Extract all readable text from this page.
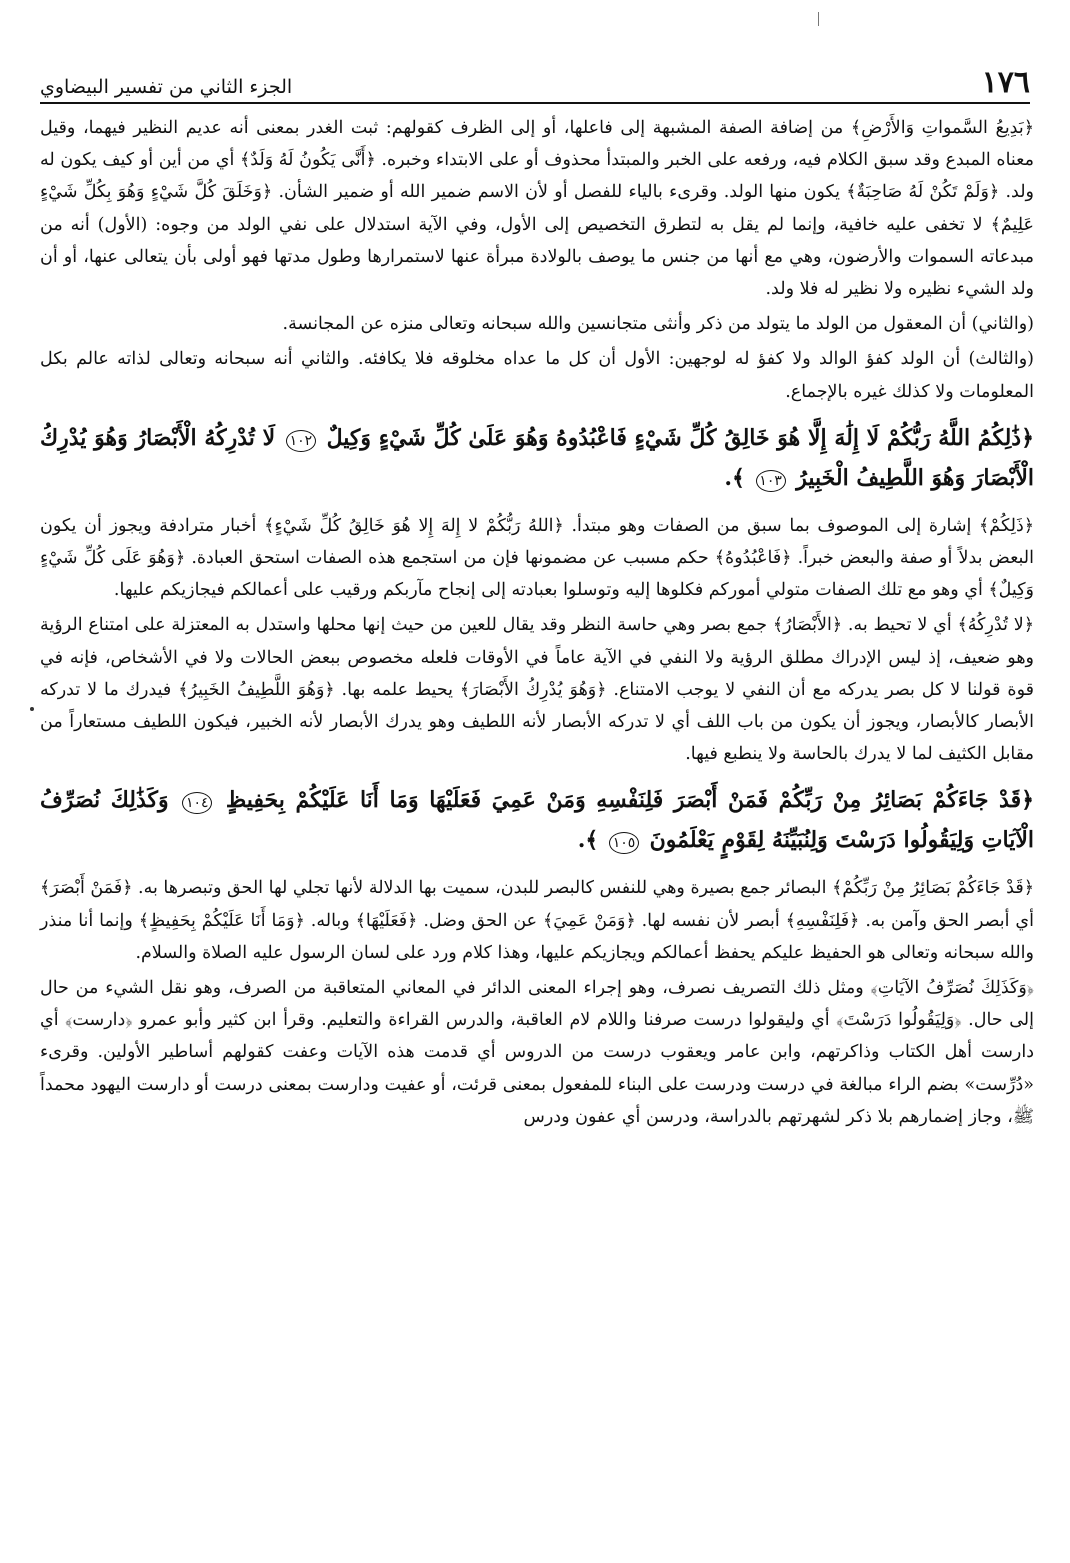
١٧٦
الجزء الثاني من تفسير البيضاوي

﴿بَدِيعُ السَّمواتِ وَالأَرْضِ﴾ من إضافة الصفة المشبهة إلى فاعلها، أو إلى الظرف كقولهم: ثبت الغدر بمعنى أنه عديم النظير فيهما، وقيل معناه المبدع وقد سبق الكلام فيه، ورفعه على الخبر والمبتدأ محذوف أو على الابتداء وخبره. ﴿أَنَّى يَكُونُ لَهُ وَلَدٌ﴾ أي من أين أو كيف يكون له ولد. ﴿وَلَمْ تَكُنْ لَهُ صَاحِبَةٌ﴾ يكون منها الولد. وقرىء بالياء للفصل أو لأن الاسم ضمير الله أو ضمير الشأن. ﴿وَخَلَقَ كُلَّ شَيْءٍ وَهُوَ بِكُلِّ شَيْءٍ عَلِيمٌ﴾ لا تخفى عليه خافية، وإنما لم يقل به لتطرق التخصيص إلى الأول، وفي الآية استدلال على نفي الولد من وجوه: (الأول) أنه من مبدعاته السموات والأرضون، وهي مع أنها من جنس ما يوصف بالولادة مبرأة عنها لاستمرارها وطول مدتها فهو أولى بأن يتعالى عنها، أو أن ولد الشيء نظيره ولا نظير له فلا ولد.

(والثاني) أن المعقول من الولد ما يتولد من ذكر وأنثى متجانسين والله سبحانه وتعالى منزه عن المجانسة.

(والثالث) أن الولد كفؤ الوالد ولا كفؤ له لوجهين: الأول أن كل ما عداه مخلوقه فلا يكافئه. والثاني أنه سبحانه وتعالى لذاته عالم بكل المعلومات ولا كذلك غيره بالإجماع.

﴿ذَٰلِكُمُ اللَّهُ رَبُّكُمْ لَا إِلَٰهَ إِلَّا هُوَ خَالِقُ كُلِّ شَيْءٍ فَاعْبُدُوهُ وَهُوَ عَلَىٰ كُلِّ شَيْءٍ وَكِيلٌ ١٠٢ لَا تُدْرِكُهُ الْأَبْصَارُ وَهُوَ يُدْرِكُ الْأَبْصَارَ وَهُوَ اللَّطِيفُ الْخَبِيرُ ١٠٣ ﴾.

﴿ذَلِكُمْ﴾ إشارة إلى الموصوف بما سبق من الصفات وهو مبتدأ. ﴿اللهُ رَبُّكُمْ لا إِلهَ إِلا هُوَ خَالِقُ كُلِّ شَيْءٍ﴾ أخبار مترادفة ويجوز أن يكون البعض بدلاً أو صفة والبعض خبراً. ﴿فَاعْبُدُوهُ﴾ حكم مسبب عن مضمونها فإن من استجمع هذه الصفات استحق العبادة. ﴿وَهُوَ عَلَى كُلِّ شَيْءٍ وَكِيلٌ﴾ أي وهو مع تلك الصفات متولي أموركم فكلوها إليه وتوسلوا بعبادته إلى إنجاح مآربكم ورقيب على أعمالكم فيجازيكم عليها.

﴿لا تُدْرِكُهُ﴾ أي لا تحيط به. ﴿الأَبْصَارُ﴾ جمع بصر وهي حاسة النظر وقد يقال للعين من حيث إنها محلها واستدل به المعتزلة على امتناع الرؤية وهو ضعيف، إذ ليس الإدراك مطلق الرؤية ولا النفي في الآية عاماً في الأوقات فلعله مخصوص ببعض الحالات ولا في الأشخاص، فإنه في قوة قولنا لا كل بصر يدركه مع أن النفي لا يوجب الامتناع. ﴿وَهُوَ يُدْرِكُ الأَبْصَارَ﴾ يحيط علمه بها. ﴿وَهُوَ اللَّطِيفُ الخَبِيرُ﴾ فيدرك ما لا تدركه الأبصار كالأبصار، ويجوز أن يكون من باب اللف أي لا تدركه الأبصار لأنه اللطيف وهو يدرك الأبصار لأنه الخبير، فيكون اللطيف مستعاراً من مقابل الكثيف لما لا يدرك بالحاسة ولا ينطبع فيها.

﴿قَدْ جَاءَكُمْ بَصَائِرُ مِنْ رَبِّكُمْ فَمَنْ أَبْصَرَ فَلِنَفْسِهِ وَمَنْ عَمِيَ فَعَلَيْهَا وَمَا أَنَا عَلَيْكُمْ بِحَفِيظٍ ١٠٤ وَكَذَٰلِكَ نُصَرِّفُ الْآيَاتِ وَلِيَقُولُوا دَرَسْتَ وَلِنُبَيِّنَهُ لِقَوْمٍ يَعْلَمُونَ ١٠٥ ﴾.

﴿قَدْ جَاءَكُمْ بَصَائِرُ مِنْ رَبِّكُمْ﴾ البصائر جمع بصيرة وهي للنفس كالبصر للبدن، سميت بها الدلالة لأنها تجلي لها الحق وتبصرها به. ﴿فَمَنْ أَبْصَرَ﴾ أي أبصر الحق وآمن به. ﴿فَلِنَفْسِهِ﴾ أبصر لأن نفسه لها. ﴿وَمَنْ عَمِيَ﴾ عن الحق وضل. ﴿فَعَلَيْهَا﴾ وباله. ﴿وَمَا أَنَا عَلَيْكُمْ بِحَفِيظٍ﴾ وإنما أنا منذر والله سبحانه وتعالى هو الحفيظ عليكم يحفظ أعمالكم ويجازيكم عليها، وهذا كلام ورد على لسان الرسول عليه الصلاة والسلام.

﴿وَكَذَلِكَ نُصَرِّفُ الآيَاتِ﴾ ومثل ذلك التصريف نصرف، وهو إجراء المعنى الدائر في المعاني المتعاقبة من الصرف، وهو نقل الشيء من حال إلى حال. ﴿وَلِيَقُولُوا دَرَسْتَ﴾ أي وليقولوا درست صرفنا واللام لام العاقبة، والدرس القراءة والتعليم. وقرأ ابن كثير وأبو عمرو ﴿دارست﴾ أي دارست أهل الكتاب وذاكرتهم، وابن عامر ويعقوب درست من الدروس أي قدمت هذه الآيات وعفت كقولهم أساطير الأولين. وقرىء «دُرِّست» بضم الراء مبالغة في درست ودرست على البناء للمفعول بمعنى قرئت، أو عفيت ودارست بمعنى درست أو دارست اليهود محمداً ﷺ، وجاز إضمارهم بلا ذكر لشهرتهم بالدراسة، ودرسن أي عفون ودرس
